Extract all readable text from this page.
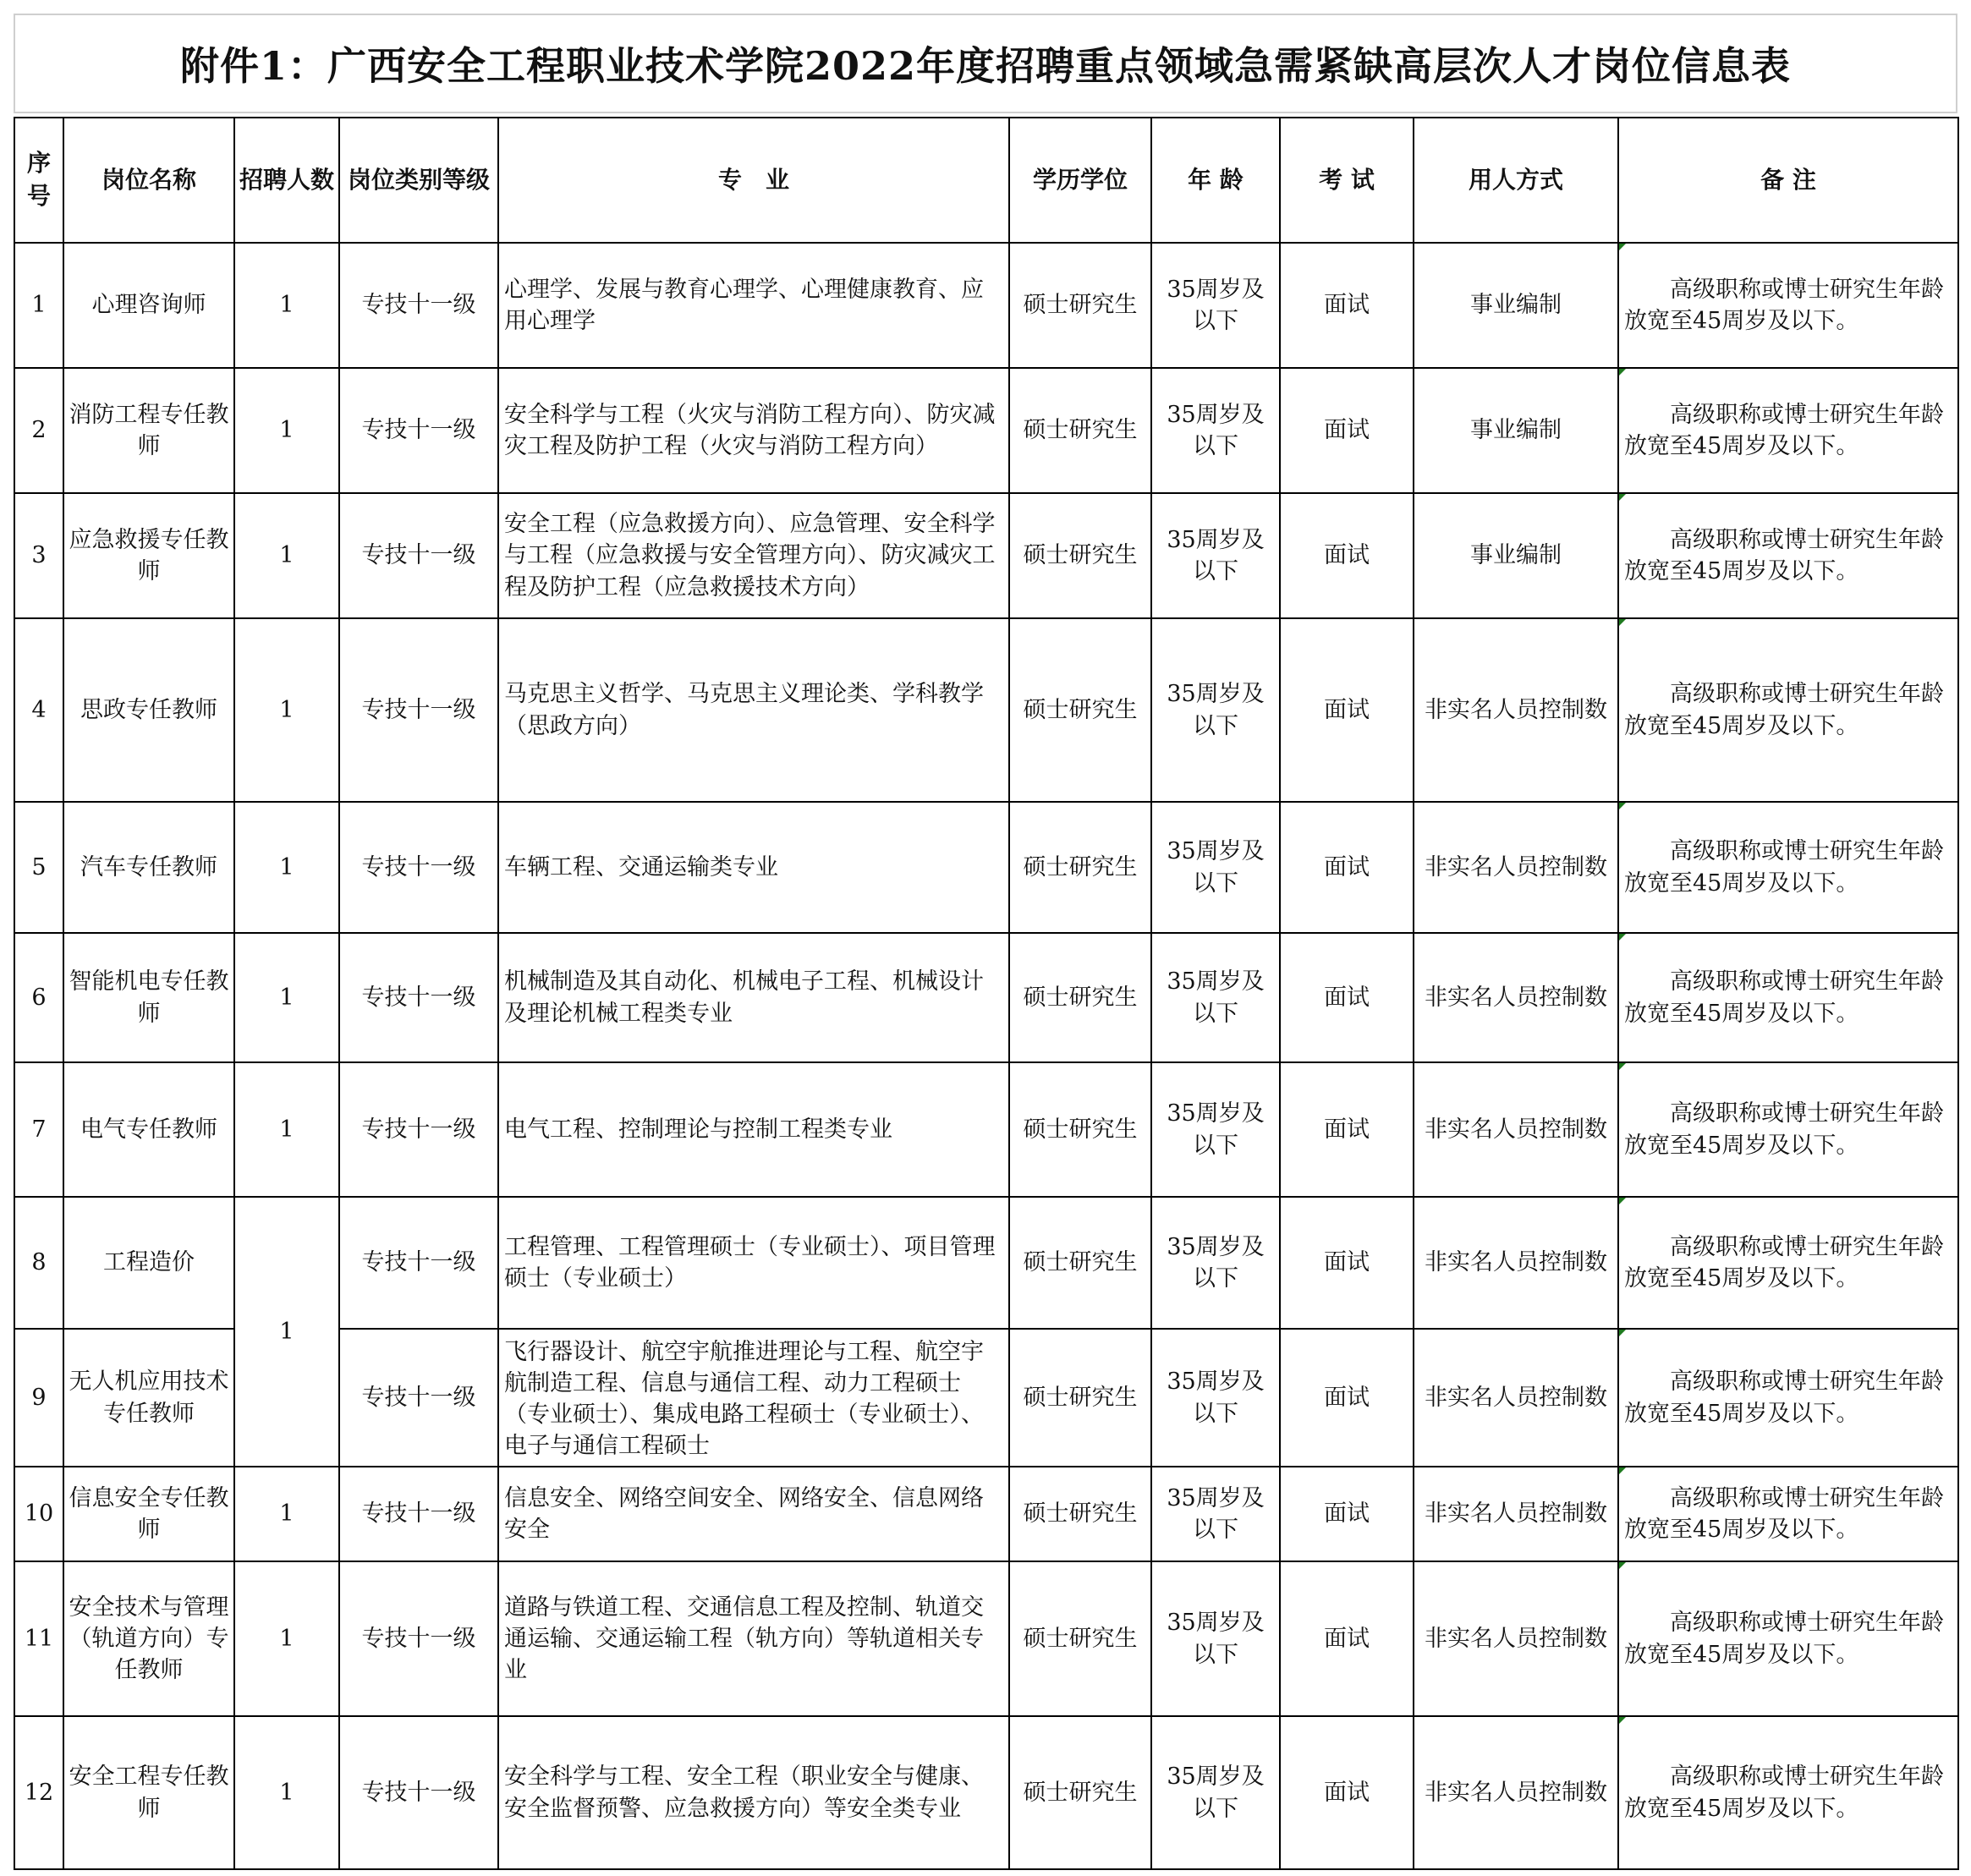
附件1：广西安全工程职业技术学院2022年度招聘重点领域急需紧缺高层次人才岗位信息表
序号	岗位名称	招聘人数	岗位类别等级	专　业	学历学位	年 龄	考 试	用人方式	备 注
1	心理咨询师	1	专技十一级	心理学、发展与教育心理学、心理健康教育、应用心理学	硕士研究生	35周岁及以下	面试	事业编制	高级职称或博士研究生年龄放宽至45周岁及以下。

2	消防工程专任教师	1	专技十一级	安全科学与工程（火灾与消防工程方向）、防灾减灾工程及防护工程（火灾与消防工程方向）	硕士研究生	35周岁及以下	面试	事业编制	高级职称或博士研究生年龄放宽至45周岁及以下。

3	应急救援专任教师	1	专技十一级	安全工程（应急救援方向）、应急管理、安全科学与工程（应急救援与安全管理方向）、防灾减灾工程及防护工程（应急救援技术方向）	硕士研究生	35周岁及以下	面试	事业编制	高级职称或博士研究生年龄放宽至45周岁及以下。

4	思政专任教师	1	专技十一级	马克思主义哲学、马克思主义理论类、学科教学（思政方向）	硕士研究生	35周岁及以下	面试	非实名人员控制数	高级职称或博士研究生年龄放宽至45周岁及以下。

5	汽车专任教师	1	专技十一级	车辆工程、交通运输类专业	硕士研究生	35周岁及以下	面试	非实名人员控制数	高级职称或博士研究生年龄放宽至45周岁及以下。

6	智能机电专任教师	1	专技十一级	机械制造及其自动化、机械电子工程、机械设计及理论机械工程类专业	硕士研究生	35周岁及以下	面试	非实名人员控制数	高级职称或博士研究生年龄放宽至45周岁及以下。

7	电气专任教师	1	专技十一级	电气工程、控制理论与控制工程类专业	硕士研究生	35周岁及以下	面试	非实名人员控制数	高级职称或博士研究生年龄放宽至45周岁及以下。

8	工程造价	1	专技十一级	工程管理、工程管理硕士（专业硕士）、项目管理硕士（专业硕士）	硕士研究生	35周岁及以下	面试	非实名人员控制数	高级职称或博士研究生年龄放宽至45周岁及以下。

9	无人机应用技术专任教师		专技十一级	飞行器设计、航空宇航推进理论与工程、航空宇航制造工程、信息与通信工程、动力工程硕士（专业硕士）、集成电路工程硕士（专业硕士）、电子与通信工程硕士	硕士研究生	35周岁及以下	面试	非实名人员控制数	高级职称或博士研究生年龄放宽至45周岁及以下。

10	信息安全专任教师	1	专技十一级	信息安全、网络空间安全、网络安全、信息网络安全	硕士研究生	35周岁及以下	面试	非实名人员控制数	高级职称或博士研究生年龄放宽至45周岁及以下。

11	安全技术与管理（轨道方向）专任教师	1	专技十一级	道路与铁道工程、交通信息工程及控制、轨道交通运输、交通运输工程（轨方向）等轨道相关专业	硕士研究生	35周岁及以下	面试	非实名人员控制数	高级职称或博士研究生年龄放宽至45周岁及以下。

12	安全工程专任教师	1	专技十一级	安全科学与工程、安全工程（职业安全与健康、安全监督预警、应急救援方向）等安全类专业	硕士研究生	35周岁及以下	面试	非实名人员控制数	高级职称或博士研究生年龄放宽至45周岁及以下。
